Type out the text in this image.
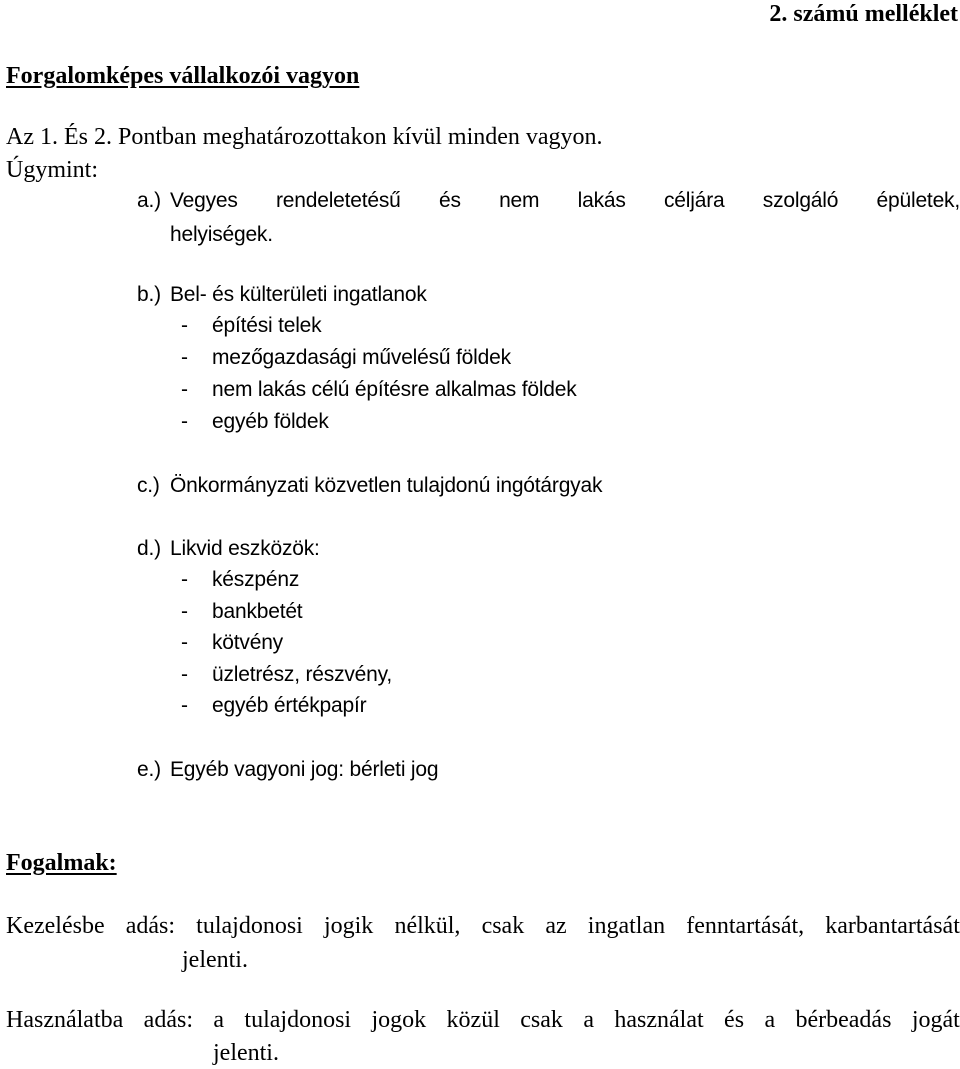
2. számú melléklet
Forgalomképes vállalkozói vagyon
Az 1. És 2. Pontban meghatározottakon kívül minden vagyon.
Úgymint:
a.) Vegyes rendeletetésű és nem lakás céljára szolgáló épületek,
helyiségek.
b.) Bel- és külterületi ingatlanok
- építési telek
- mezőgazdasági művelésű földek
- nem lakás célú építésre alkalmas földek
- egyéb földek
c.) Önkormányzati közvetlen tulajdonú ingótárgyak
d.) Likvid eszközök:
- készpénz
- bankbetét
- kötvény
- üzletrész, részvény,
- egyéb értékpapír
e.) Egyéb vagyoni jog: bérleti jog
Fogalmak:
Kezelésbe adás: tulajdonosi jogik nélkül, csak az ingatlan fenntartását, karbantartását
jelenti.
Használatba adás: a tulajdonosi jogok közül csak a használat és a bérbeadás jogát
jelenti.
